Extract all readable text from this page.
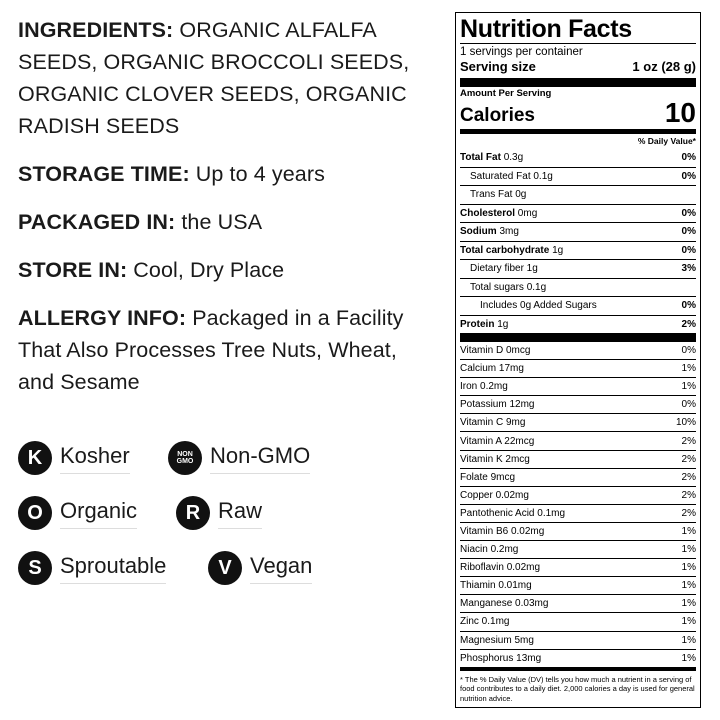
INGREDIENTS: ORGANIC ALFALFA SEEDS, ORGANIC BROCCOLI SEEDS, ORGANIC CLOVER SEEDS, ORGANIC RADISH SEEDS

STORAGE TIME: Up to 4 years

PACKAGED IN: the USA

STORE IN: Cool, Dry Place

ALLERGY INFO: Packaged in a Facility That Also Processes Tree Nuts, Wheat, and Sesame

K Kosher	NON
GMO Non-GMO
O Organic	R Raw
S Sproutable	V Vegan
Nutrition Facts
1 servings per container
Serving size	1 oz (28 g)
Amount Per Serving
Calories	10
% Daily Value*
Total Fat 0.3g	0%
Saturated Fat 0.1g	0%
Trans Fat 0g
Cholesterol 0mg	0%
Sodium 3mg	0%
Total carbohydrate 1g	0%
Dietary fiber 1g	3%
Total sugars 0.1g
Includes 0g Added Sugars	0%
Protein 1g	2%
Vitamin D 0mcg	0%
Calcium 17mg	1%
Iron 0.2mg	1%
Potassium 12mg	0%
Vitamin C 9mg	10%
Vitamin A 22mcg	2%
Vitamin K 2mcg	2%
Folate 9mcg	2%
Copper 0.02mg	2%
Pantothenic Acid 0.1mg	2%
Vitamin B6 0.02mg	1%
Niacin 0.2mg	1%
Riboflavin 0.02mg	1%
Thiamin 0.01mg	1%
Manganese 0.03mg	1%
Zinc 0.1mg	1%
Magnesium 5mg	1%
Phosphorus 13mg	1%
* The % Daily Value (DV) tells you how much a nutrient in a serving of food contributes to a daily diet. 2,000 calories a day is used for general nutrition advice.
